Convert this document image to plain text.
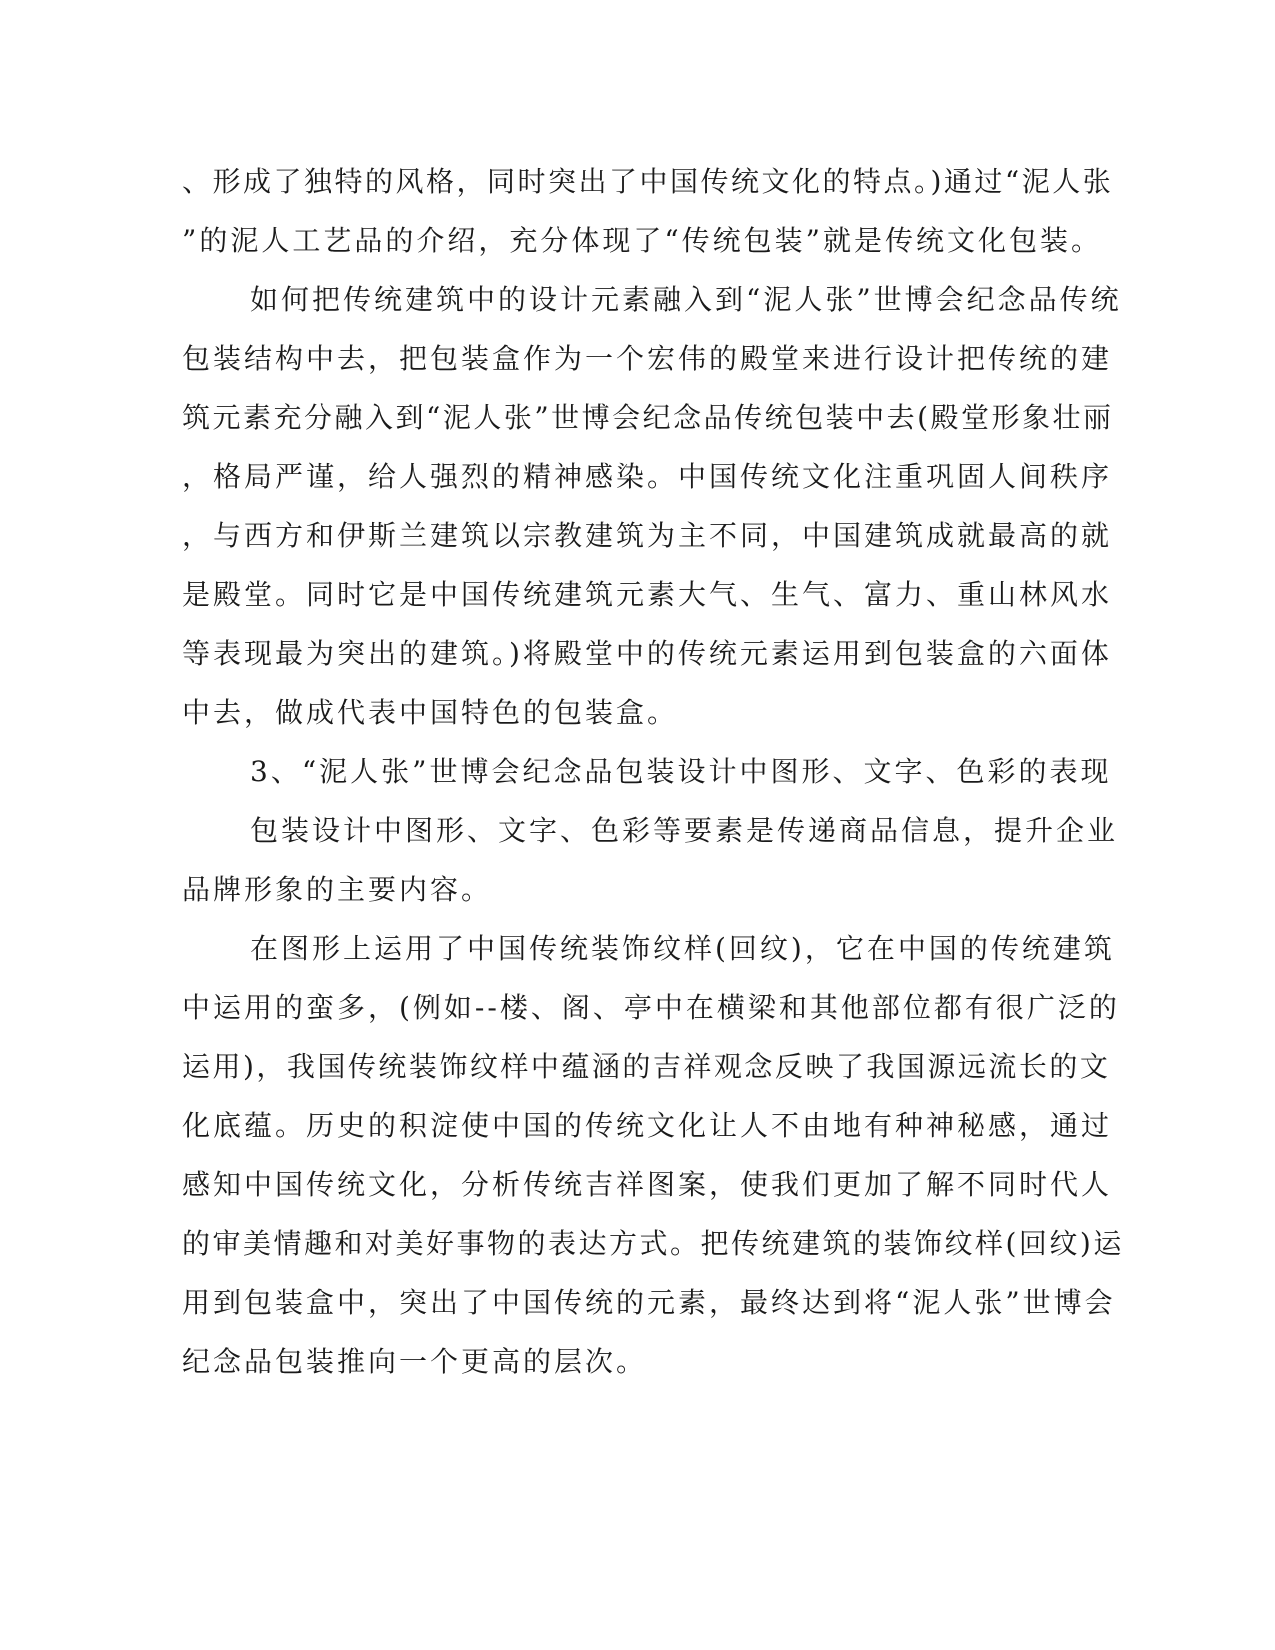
、形成了独特的风格，同时突出了中国传统文化的特点。)通过“泥人张
”的泥人工艺品的介绍，充分体现了“传统包装”就是传统文化包装。
如何把传统建筑中的设计元素融入到“泥人张”世博会纪念品传统
包装结构中去，把包装盒作为一个宏伟的殿堂来进行设计把传统的建
筑元素充分融入到“泥人张”世博会纪念品传统包装中去(殿堂形象壮丽
，格局严谨，给人强烈的精神感染。中国传统文化注重巩固人间秩序
，与西方和伊斯兰建筑以宗教建筑为主不同，中国建筑成就最高的就
是殿堂。同时它是中国传统建筑元素大气、生气、富力、重山林风水
等表现最为突出的建筑。)将殿堂中的传统元素运用到包装盒的六面体
中去，做成代表中国特色的包装盒。
3、“泥人张”世博会纪念品包装设计中图形、文字、色彩的表现
包装设计中图形、文字、色彩等要素是传递商品信息，提升企业
品牌形象的主要内容。
在图形上运用了中国传统装饰纹样(回纹)，它在中国的传统建筑
中运用的蛮多，(例如--楼、阁、亭中在横梁和其他部位都有很广泛的
运用)，我国传统装饰纹样中蕴涵的吉祥观念反映了我国源远流长的文
化底蕴。历史的积淀使中国的传统文化让人不由地有种神秘感，通过
感知中国传统文化，分析传统吉祥图案，使我们更加了解不同时代人
的审美情趣和对美好事物的表达方式。把传统建筑的装饰纹样(回纹)运
用到包装盒中，突出了中国传统的元素，最终达到将“泥人张”世博会
纪念品包装推向一个更高的层次。
